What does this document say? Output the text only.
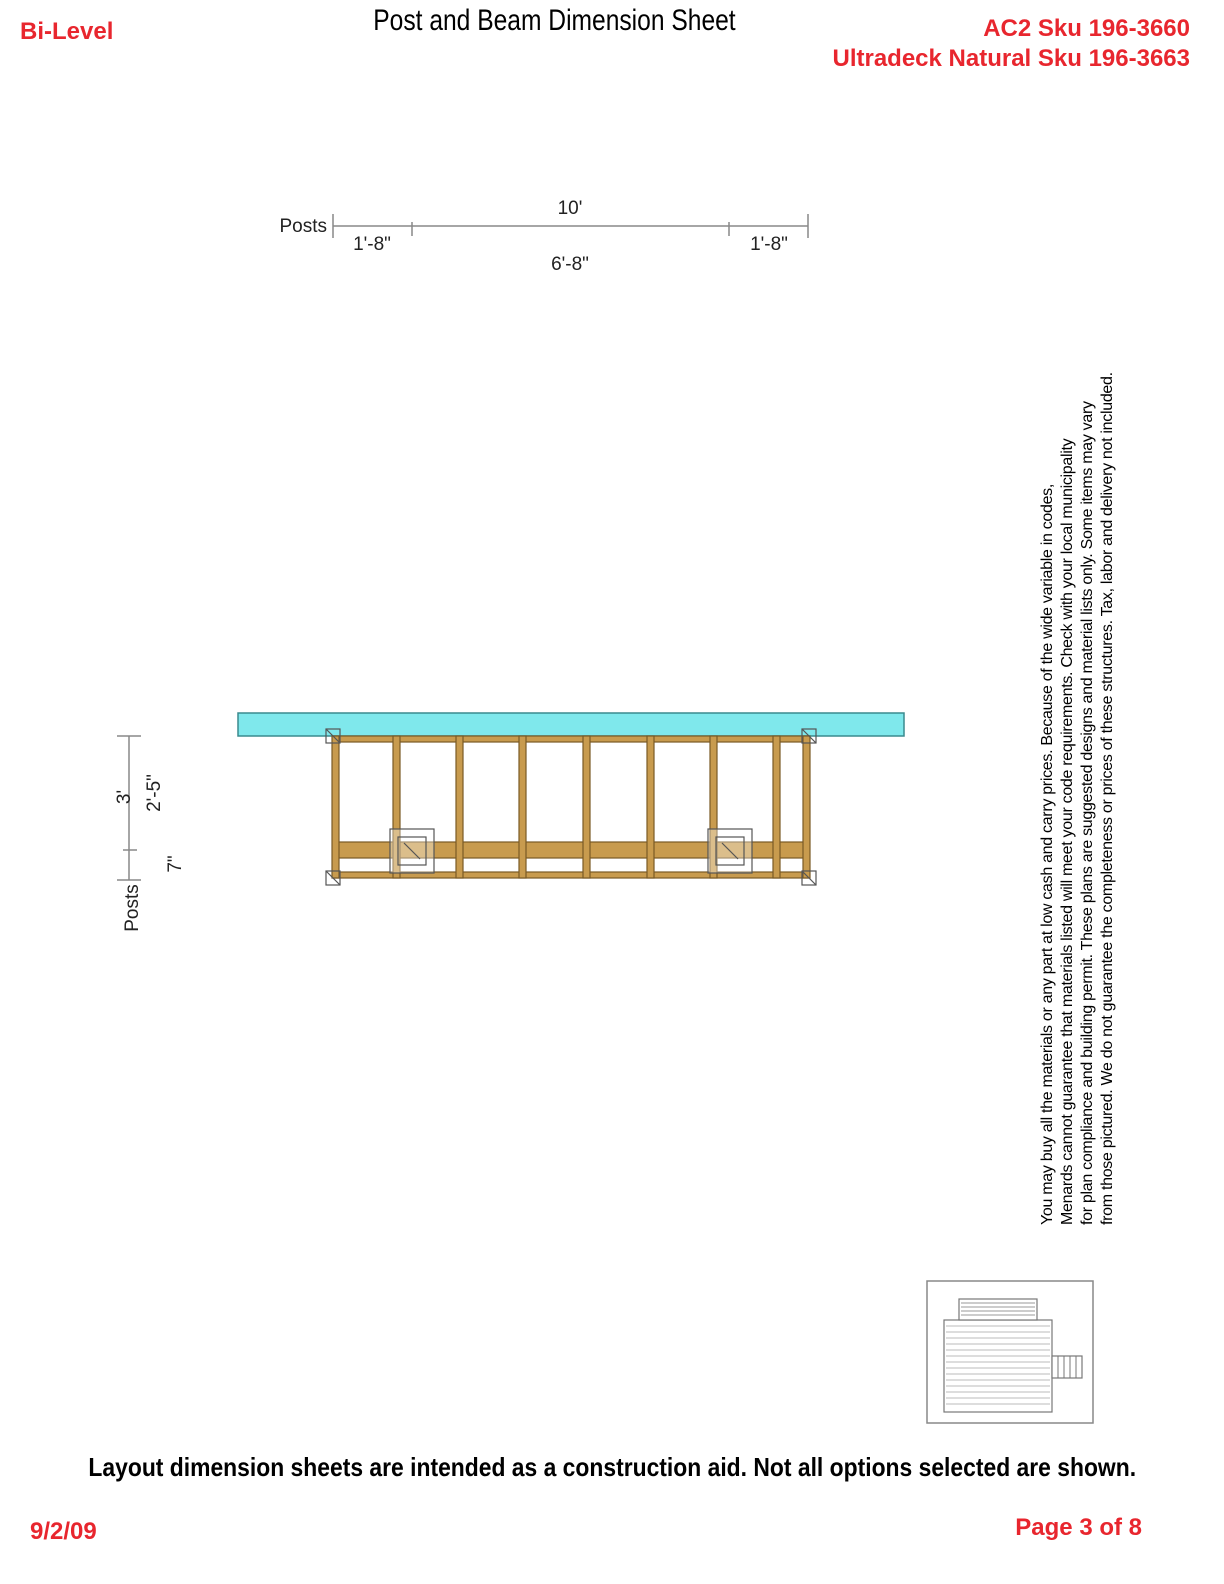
Bi-Level	Post and Beam Dimension Sheet	AC2 Sku 196-3660
Ultradeck Natural Sku 196-3663
Posts
10'
1'-8"
6'-8"
1'-8"
3' 2'-5"
7"
Posts	You may buy all the materials or any part at low cash and carry prices. Because of the wide variable in codes, Menards cannot guarantee that materials listed will meet your code requirements. Check with your local municipality for plan compliance and building permit. These plans are suggested designs and material lists only. Some items may vary from those pictured. We do not guarantee the completeness or prices of these structures. Tax, labor and delivery not included.
Layout dimension sheets are intended as a construction aid. Not all options selected are shown.
9/2/09	Page 3 of 8
